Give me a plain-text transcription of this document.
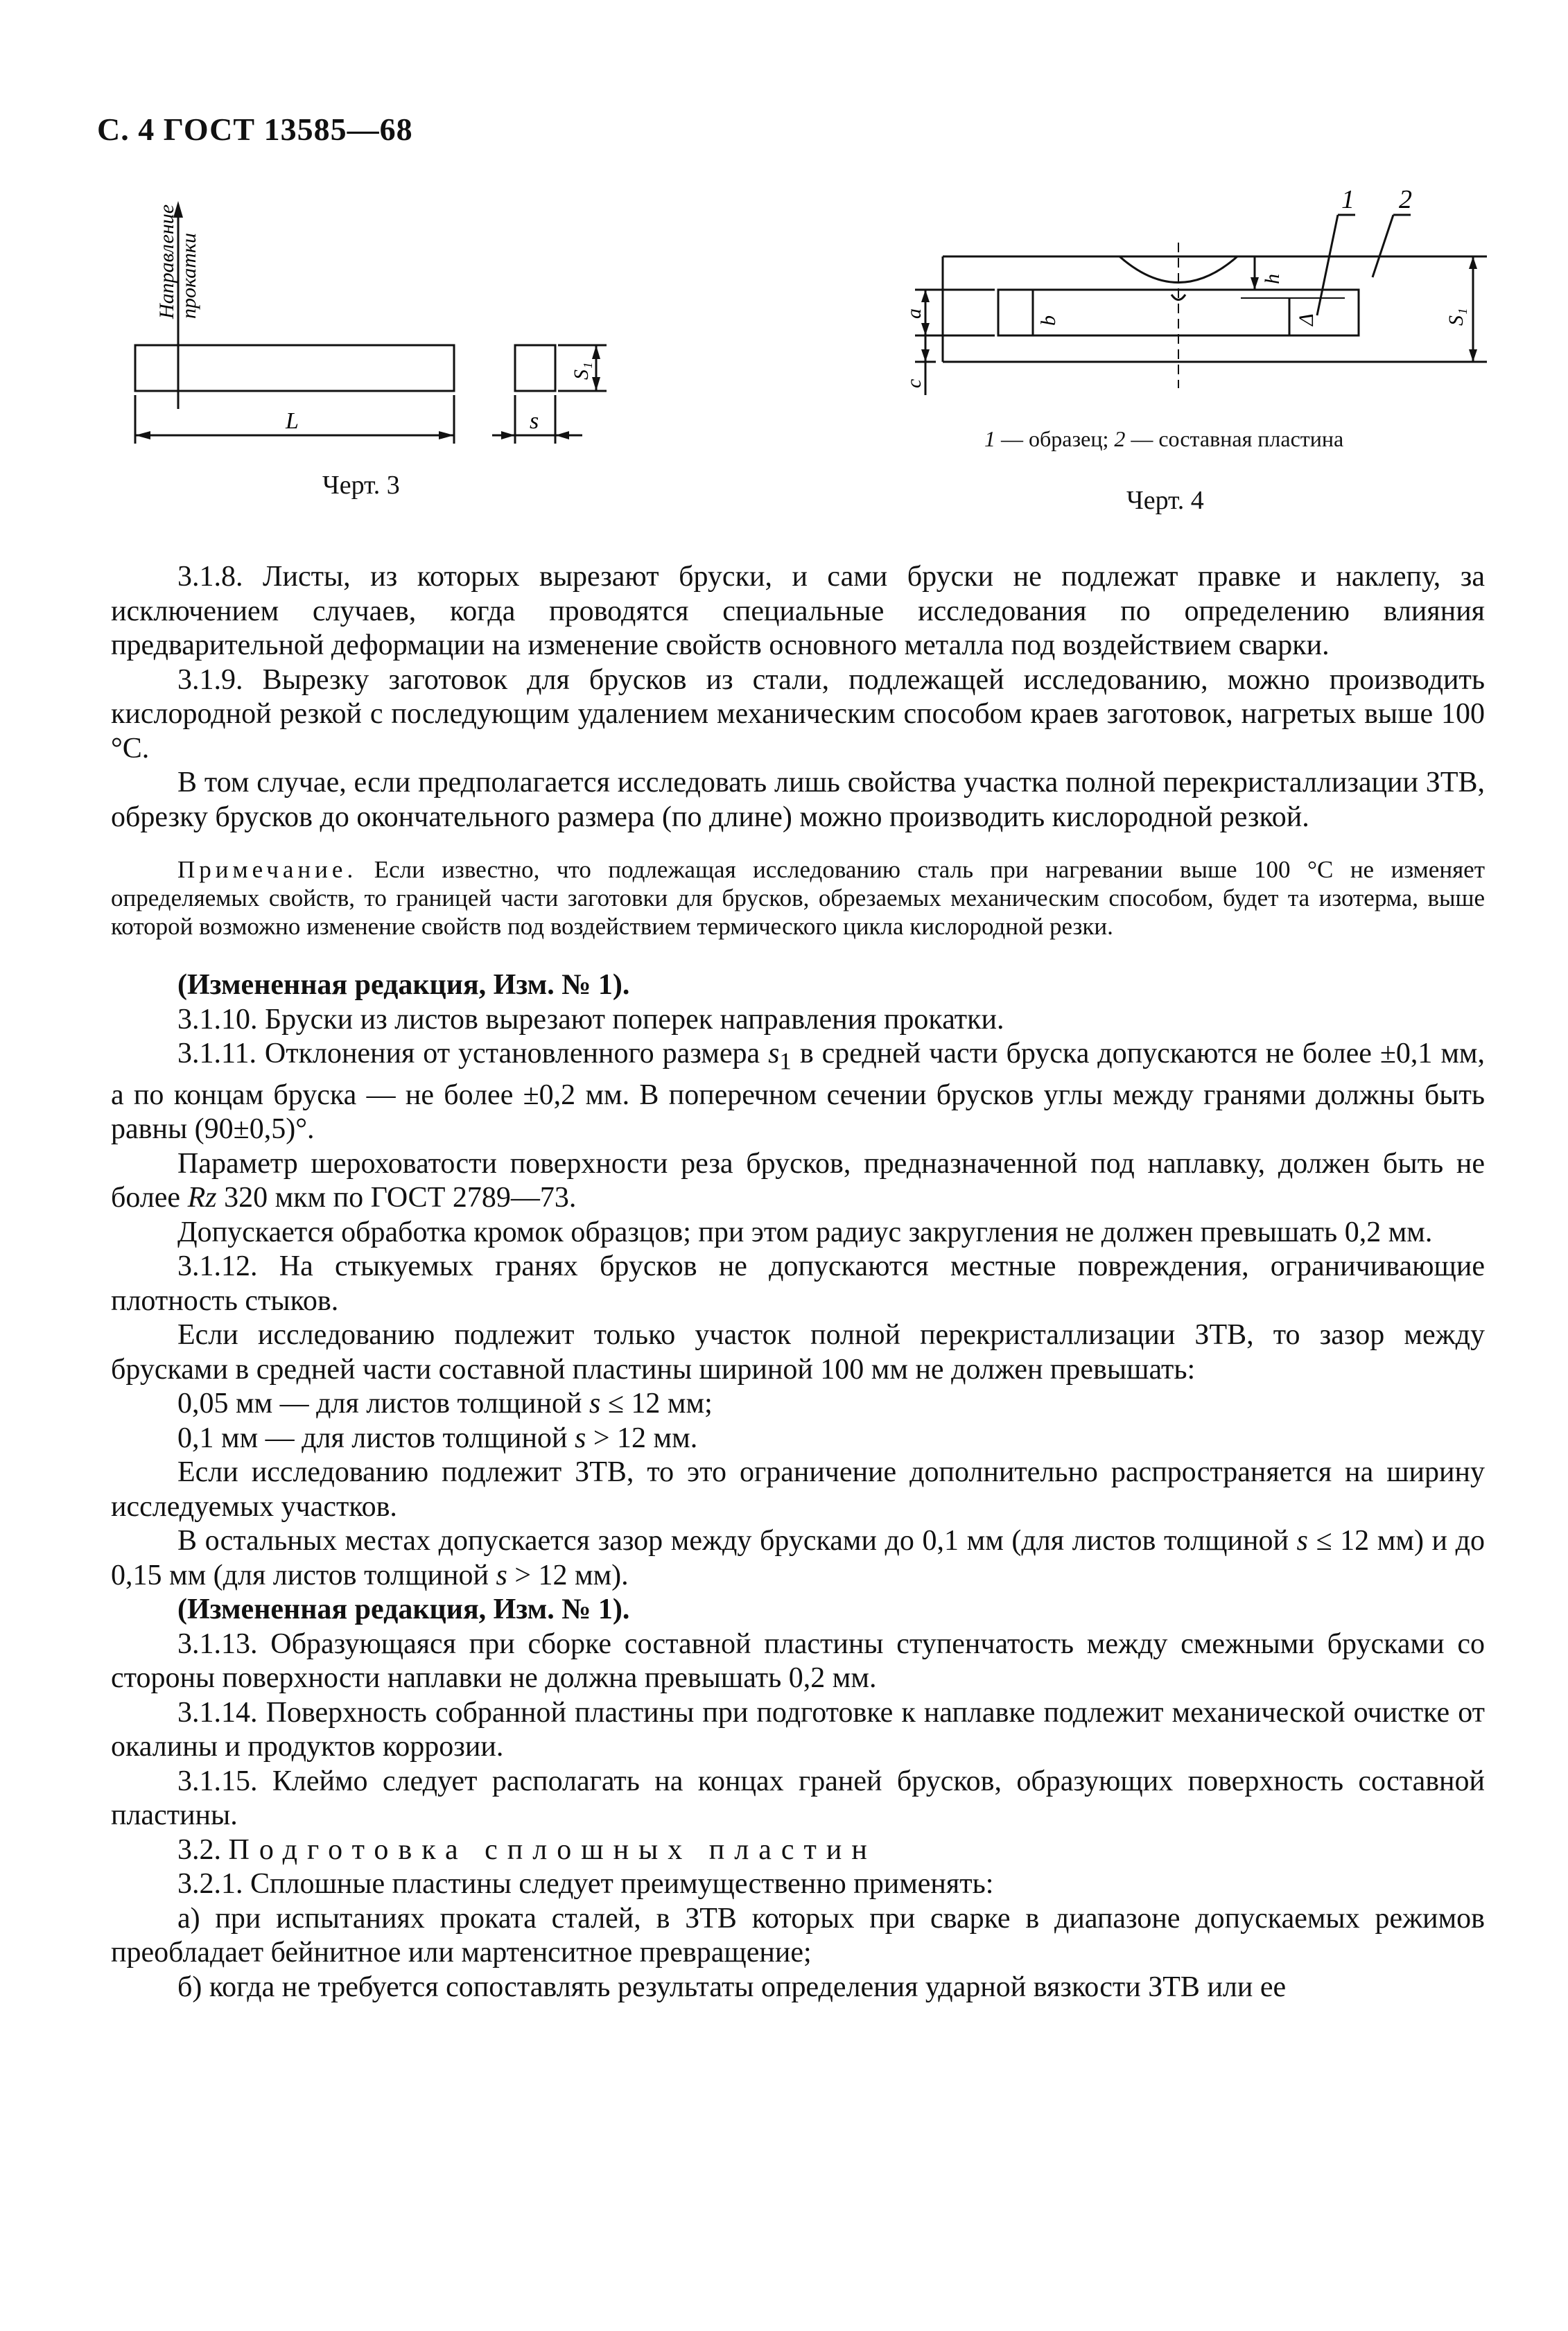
С. 4 ГОСТ 13585—68
Направление прокатки
L	s
S₁
Черт. 3
1 2
a
c
b
h
Δ	S₁
1 — образец; 2 — составная пластина
Черт. 4

3.1.8. Листы, из которых вырезают бруски, и сами бруски не подлежат правке и наклепу, за исключением случаев, когда проводятся специальные исследования по определению влияния предварительной деформации на изменение свойств основного металла под воздействием сварки.

3.1.9. Вырезку заготовок для брусков из стали, подлежащей исследованию, можно производить кислородной резкой с последующим удалением механическим способом краев заготовок, нагретых выше 100 °С.

В том случае, если предполагается исследовать лишь свойства участка полной перекристаллизации ЗТВ, обрезку брусков до окончательного размера (по длине) можно производить кислородной резкой.

Примечание. Если известно, что подлежащая исследованию сталь при нагревании выше 100 °С не изменяет определяемых свойств, то границей части заготовки для брусков, обрезаемых механическим способом, будет та изотерма, выше которой возможно изменение свойств под воздействием термического цикла кислородной резки.

(Измененная редакция, Изм. № 1).

3.1.10. Бруски из листов вырезают поперек направления прокатки.

3.1.11. Отклонения от установленного размера $s_1$ в средней части бруска допускаются не более ±0,1 мм, а по концам бруска — не более ±0,2 мм. В поперечном сечении брусков углы между гранями должны быть равны (90±0,5)°.

Параметр шероховатости поверхности реза брусков, предназначенной под наплавку, должен быть не более Rz 320 мкм по ГОСТ 2789—73.

Допускается обработка кромок образцов; при этом радиус закругления не должен превышать 0,2 мм.

3.1.12. На стыкуемых гранях брусков не допускаются местные повреждения, ограничивающие плотность стыков.

Если исследованию подлежит только участок полной перекристаллизации ЗТВ, то зазор между брусками в средней части составной пластины шириной 100 мм не должен превышать:

0,05 мм — для листов толщиной s ≤ 12 мм;

0,1 мм — для листов толщиной s > 12 мм.

Если исследованию подлежит ЗТВ, то это ограничение дополнительно распространяется на ширину исследуемых участков.

В остальных местах допускается зазор между брусками до 0,1 мм (для листов толщиной s ≤ 12 мм) и до 0,15 мм (для листов толщиной s > 12 мм).

(Измененная редакция, Изм. № 1).

3.1.13. Образующаяся при сборке составной пластины ступенчатость между смежными брусками со стороны поверхности наплавки не должна превышать 0,2 мм.

3.1.14. Поверхность собранной пластины при подготовке к наплавке подлежит механической очистке от окалины и продуктов коррозии.

3.1.15. Клеймо следует располагать на концах граней брусков, образующих поверхность составной пластины.

3.2. Подготовка сплошных пластин

3.2.1. Сплошные пластины следует преимущественно применять:

а) при испытаниях проката сталей, в ЗТВ которых при сварке в диапазоне допускаемых режимов преобладает бейнитное или мартенситное превращение;

б) когда не требуется сопоставлять результаты определения ударной вязкости ЗТВ или ее
